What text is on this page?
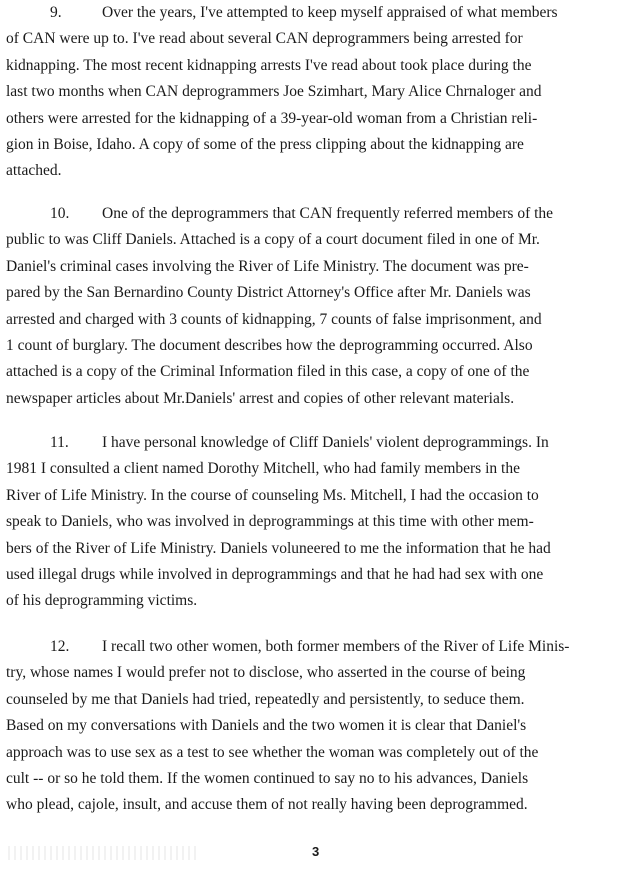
9.	Over the years, I've attempted to keep myself appraised of what members
of CAN were up to. I've read about several CAN deprogrammers being arrested for
kidnapping. The most recent kidnapping arrests I've read about took place during the
last two months when CAN deprogrammers Joe Szimhart, Mary Alice Chrnaloger and
others were arrested for the kidnapping of a 39-year-old woman from a Christian reli-
gion in Boise, Idaho. A copy of some of the press clipping about the kidnapping are
attached.
10. One of the deprogrammers that CAN frequently referred members of the
public to was Cliff Daniels. Attached is a copy of a court document filed in one of Mr.
Daniel's criminal cases involving the River of Life Ministry. The document was pre-
pared by the San Bernardino County District Attorney's Office after Mr. Daniels was
arrested and charged with 3 counts of kidnapping, 7 counts of false imprisonment, and
1 count of burglary. The document describes how the deprogramming occurred. Also
attached is a copy of the Criminal Information filed in this case, a copy of one of the
newspaper articles about Mr.Daniels' arrest and copies of other relevant materials.
11. I have personal knowledge of Cliff Daniels' violent deprogrammings. In
1981 I consulted a client named Dorothy Mitchell, who had family members in the
River of Life Ministry. In the course of counseling Ms. Mitchell, I had the occasion to
speak to Daniels, who was involved in deprogrammings at this time with other mem-
bers of the River of Life Ministry. Daniels voluneered to me the information that he had
used illegal drugs while involved in deprogrammings and that he had had sex with one
of his deprogramming victims.
12. I recall two other women, both former members of the River of Life Minis-
try, whose names I would prefer not to disclose, who asserted in the course of being
counseled by me that Daniels had tried, repeatedly and persistently, to seduce them.
Based on my conversations with Daniels and the two women it is clear that Daniel's
approach was to use sex as a test to see whether the woman was completely out of the
cult -- or so he told them. If the women continued to say no to his advances, Daniels
who plead, cajole, insult, and accuse them of not really having been deprogrammed.
3
